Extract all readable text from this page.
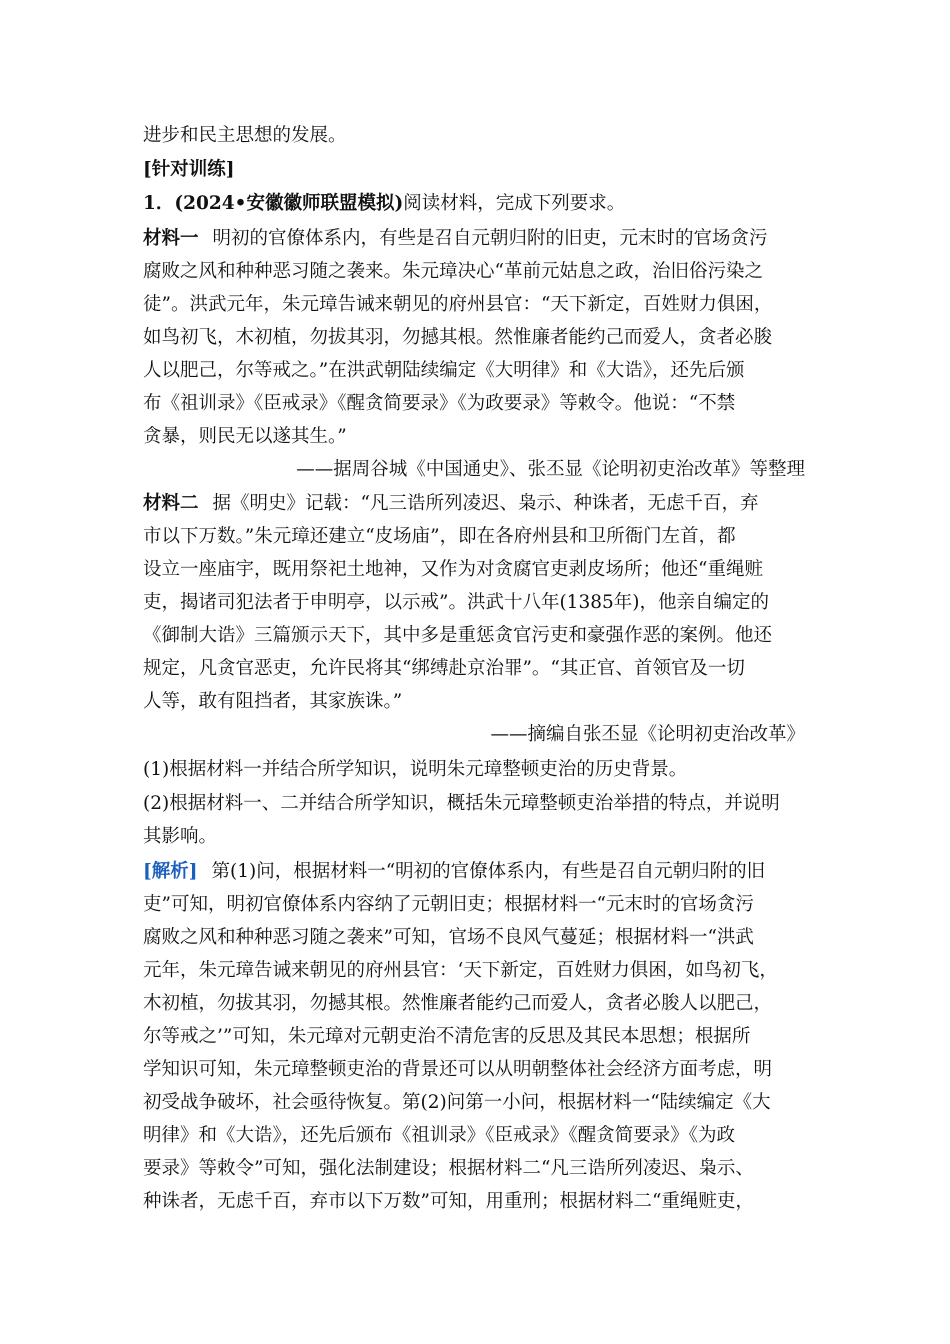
进步和民主思想的发展。
[针对训练]
1．(2024•安徽徽师联盟模拟)阅读材料，完成下列要求。
材料一 明初的官僚体系内，有些是召自元朝归附的旧吏，元末时的官场贪污
腐败之风和种种恶习随之袭来。朱元璋决心“革前元姑息之政，治旧俗污染之
徒”。洪武元年，朱元璋告诫来朝见的府州县官：“天下新定，百姓财力俱困，
如鸟初飞，木初植，勿拔其羽，勿撼其根。然惟廉者能约己而爱人，贪者必朘
人以肥己，尔等戒之。”在洪武朝陆续编定《大明律》和《大诰》，还先后颁
布《祖训录》《臣戒录》《醒贪简要录》《为政要录》等敕令。他说：“不禁
贪暴，则民无以遂其生。”
——据周谷城《中国通史》、张丕显《论明初吏治改革》等整理
材料二 据《明史》记载：“凡三诰所列凌迟、枭示、种诛者，无虑千百，弃
市以下万数。”朱元璋还建立“皮场庙”，即在各府州县和卫所衙门左首，都
设立一座庙宇，既用祭祀土地神，又作为对贪腐官吏剥皮场所；他还“重绳赃
吏，揭诸司犯法者于申明亭，以示戒”。洪武十八年(1385年)，他亲自编定的
《御制大诰》三篇颁示天下，其中多是重惩贪官污吏和豪强作恶的案例。他还
规定，凡贪官恶吏，允许民将其“绑缚赴京治罪”。“其正官、首领官及一切
人等，敢有阻挡者，其家族诛。”
——摘编自张丕显《论明初吏治改革》
(1)根据材料一并结合所学知识，说明朱元璋整顿吏治的历史背景。
(2)根据材料一、二并结合所学知识，概括朱元璋整顿吏治举措的特点，并说明
其影响。
[解析] 第(1)问，根据材料一“明初的官僚体系内，有些是召自元朝归附的旧
吏”可知，明初官僚体系内容纳了元朝旧吏；根据材料一“元末时的官场贪污
腐败之风和种种恶习随之袭来”可知，官场不良风气蔓延；根据材料一“洪武
元年，朱元璋告诫来朝见的府州县官：‘天下新定，百姓财力俱困，如鸟初飞，
木初植，勿拔其羽，勿撼其根。然惟廉者能约己而爱人，贪者必朘人以肥己，
尔等戒之’”可知，朱元璋对元朝吏治不清危害的反思及其民本思想；根据所
学知识可知，朱元璋整顿吏治的背景还可以从明朝整体社会经济方面考虑，明
初受战争破坏，社会亟待恢复。第(2)问第一小问，根据材料一“陆续编定《大
明律》和《大诰》，还先后颁布《祖训录》《臣戒录》《醒贪简要录》《为政
要录》等敕令”可知，强化法制建设；根据材料二“凡三诰所列凌迟、枭示、
种诛者，无虑千百，弃市以下万数”可知，用重刑；根据材料二“重绳赃吏，
